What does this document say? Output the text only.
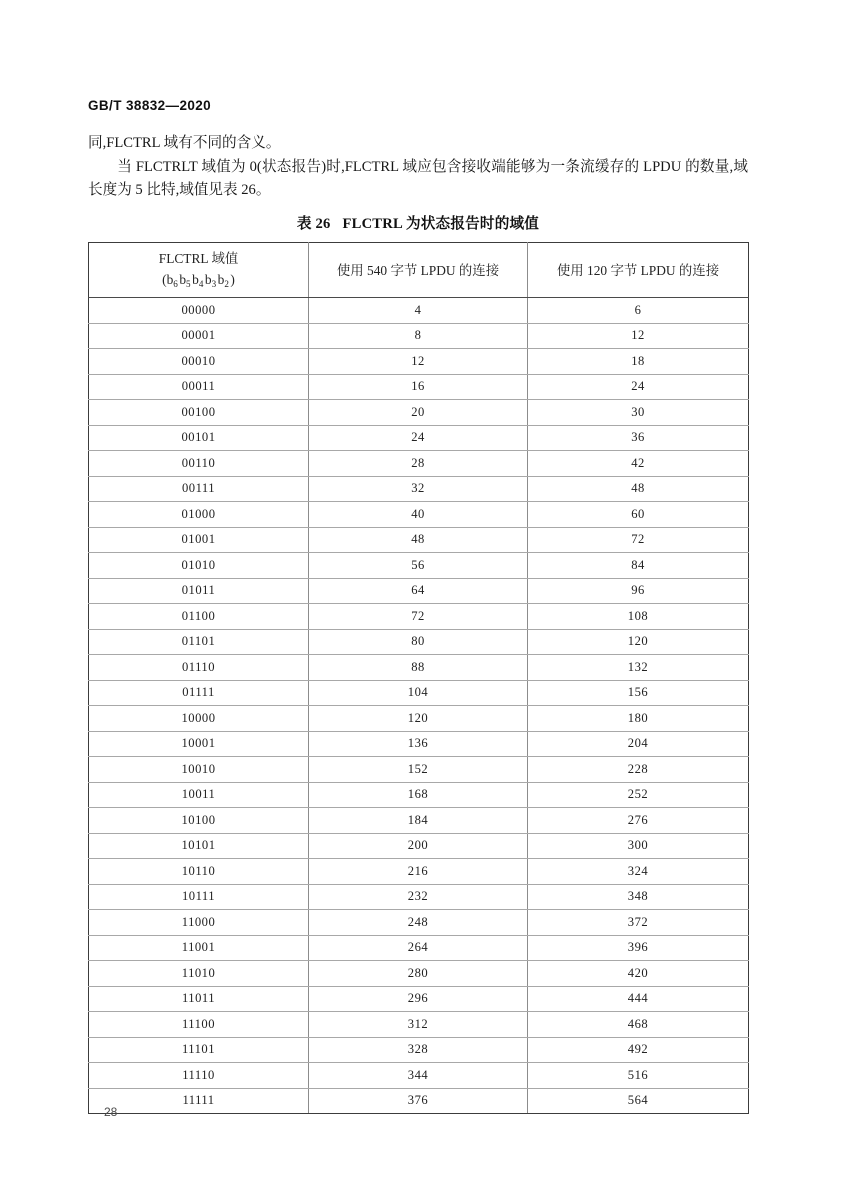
GB/T 38832—2020

同,FLCTRL 域有不同的含义。

当 FLCTRLT 域值为 0(状态报告)时,FLCTRL 域应包含接收端能够为一条流缓存的 LPDU 的数量,域长度为 5 比特,域值见表 26。

表 26 FLCTRL 为状态报告时的域值
FLCTRL 域值
($b_6$ $b_5$ $b_4$ $b_3$ $b_2$ )	使用 540 字节 LPDU 的连接	使用 120 字节 LPDU 的连接
00000	4	6
00001	8	12
00010	12	18
00011	16	24
00100	20	30
00101	24	36
00110	28	42
00111	32	48
01000	40	60
01001	48	72
01010	56	84
01011	64	96
01100	72	108
01101	80	120
01110	88	132
01111	104	156
10000	120	180
10001	136	204
10010	152	228
10011	168	252
10100	184	276
10101	200	300
10110	216	324
10111	232	348
11000	248	372
11001	264	396
11010	280	420
11011	296	444
11100	312	468
11101	328	492
11110	344	516
11111	376	564
28
